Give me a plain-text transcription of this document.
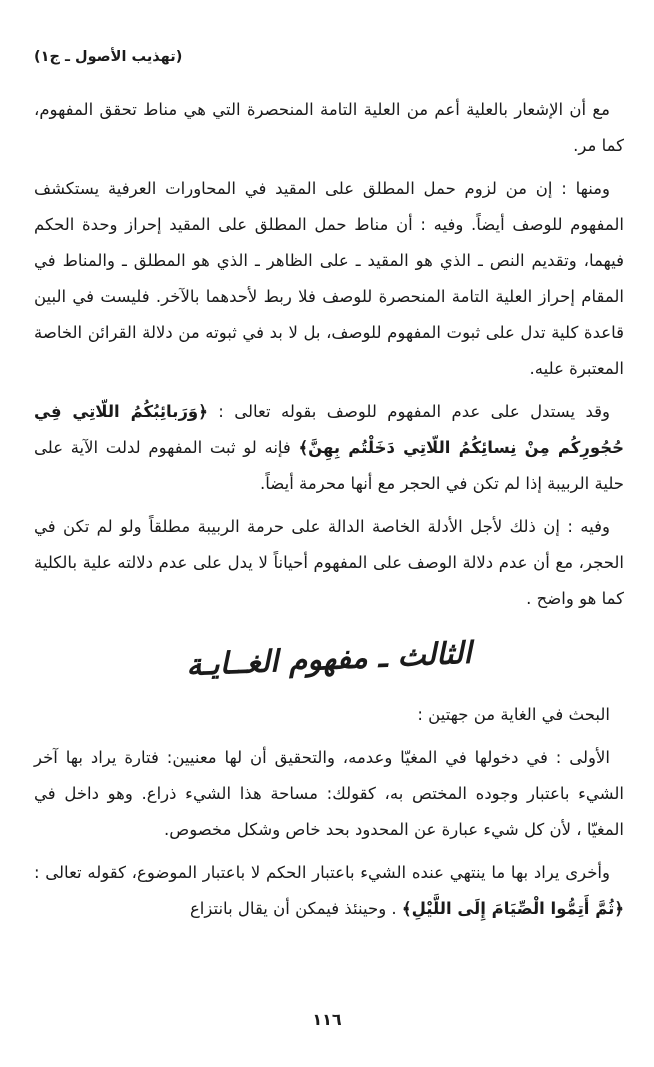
(تهذيب الأصول ـ ج١)

مع أن الإشعار بالعلية أعم من العلية التامة المنحصرة التي هي مناط تحقق المفهوم، كما مر.

ومنها : إن من لزوم حمل المطلق على المقيد في المحاورات العرفية يستكشف المفهوم للوصف أيضاً. وفيه : أن مناط حمل المطلق على المقيد إحراز وحدة الحكم فيهما، وتقديم النص ـ الذي هو المقيد ـ على الظاهر ـ الذي هو المطلق ـ والمناط في المقام إحراز العلية التامة المنحصرة للوصف فلا ربط لأحدهما بالآخر. فليست في البين قاعدة كلية تدل على ثبوت المفهوم للوصف، بل لا بد في ثبوته من دلالة القرائن الخاصة المعتبرة عليه.

وقد يستدل على عدم المفهوم للوصف بقوله تعالى : ﴿وَرَبائِبُكُمُ اللّاتِي فِي حُجُورِكُم مِنْ نِسائِكُمُ اللّاتِي دَخَلْتُم بِهِنَّ﴾ فإنه لو ثبت المفهوم لدلت الآية على حلية الربيبة إذا لم تكن في الحجر مع أنها محرمة أيضاً.

وفيه : إن ذلك لأجل الأدلة الخاصة الدالة على حرمة الربيبة مطلقاً ولو لم تكن في الحجر، مع أن عدم دلالة الوصف على المفهوم أحياناً لا يدل على عدم دلالته علية بالكلية كما هو واضح .

الثالث ـ مفهوم الغــايـة

البحث في الغاية من جهتين :

الأولى : في دخولها في المغيّا وعدمه، والتحقيق أن لها معنيين: فتارة يراد بها آخر الشيء باعتبار وجوده المختص به، كقولك: مساحة هذا الشيء ذراع. وهو داخل في المغيّا ، لأن كل شيء عبارة عن المحدود بحد خاص وشكل مخصوص.

وأخرى يراد بها ما ينتهي عنده الشيء باعتبار الحكم لا باعتبار الموضوع، كقوله تعالى : ﴿ثُمَّ أَتِمُّوا الْصِّيَامَ إِلَى اللَّيْلِ﴾ . وحينئذ فيمكن أن يقال بانتزاع

١١٦
